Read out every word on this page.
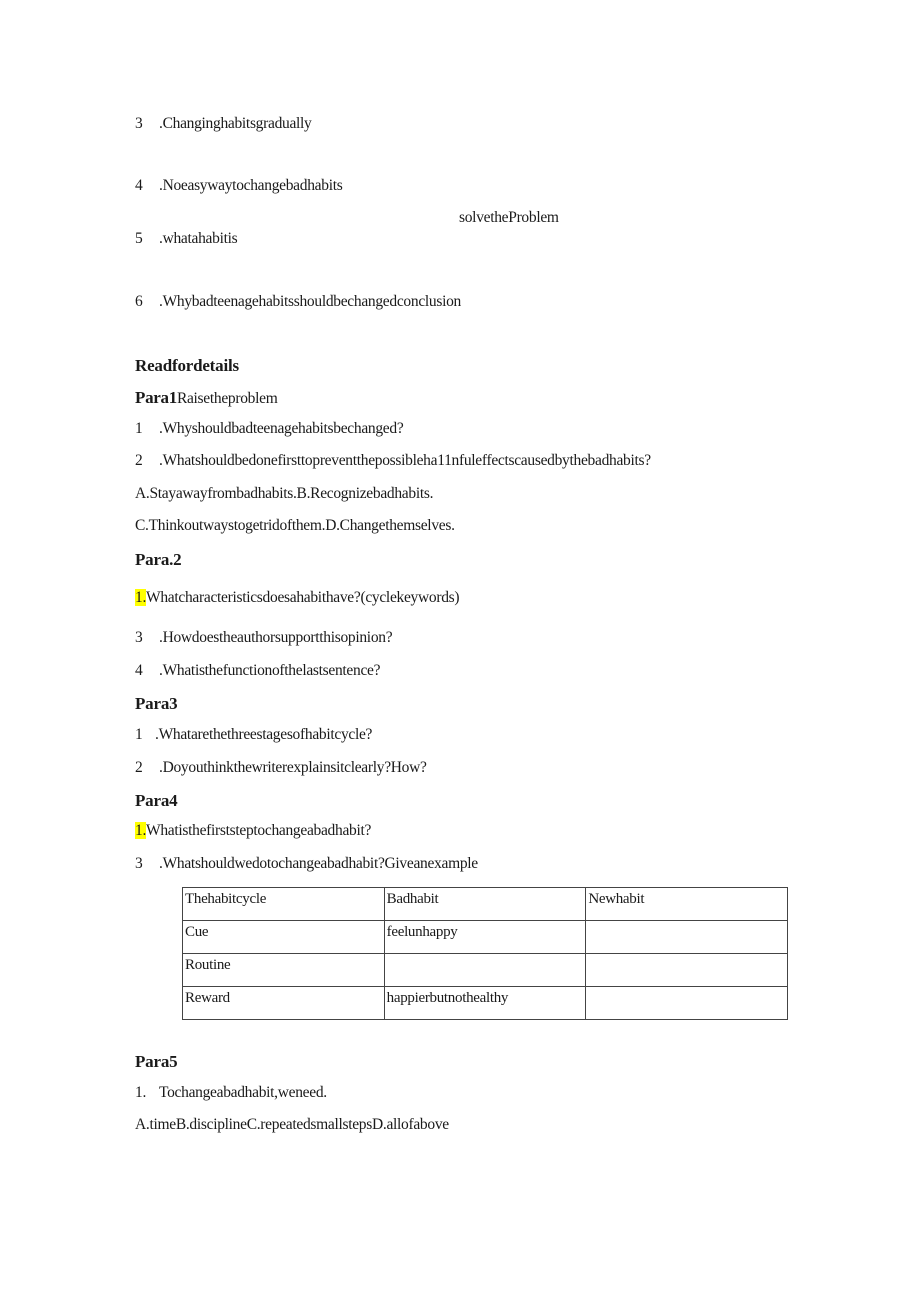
3 .Changinghabitsgradually
4 .Noeasywaytochangebadhabits
solvetheProblem
5 .whatahabitis
6 .Whybadteenagehabitsshouldbechangedconclusion
Readfordetails
Para1Raisetheproblem
1 .Whyshouldbadteenagehabitsbechanged?
2 .Whatshouldbedonefirsttopreventthepossibleha11nfuleffectscausedbythebadhabits?
A.Stayawayfrombadhabits.B.Recognizebadhabits.
C.Thinkoutwaystogetridofthem.D.Changethemselves.
Para.2
1.Whatcharacteristicsdoesahabithave?(cyclekeywords)
3 .Howdoestheauthorsupportthisopinion?
4 .Whatisthefunctionofthelastsentence?
Para3
1 .Whatarethethreestagesofhabitcycle?
2 .Doyouthinkthewriterexplainsitclearly?How?
Para4
1.Whatisthefirststeptochangeabadhabit?
3 .Whatshouldwedotochangeabadhabit?Giveanexample
Thehabitcycle	Badhabit	Newhabit
Cue	feelunhappy	
Routine		
Reward	happierbutnothealthy	
Para5
1. Tochangeabadhabit,weneed.
A.timeB.disciplineC.repeatedsmallstepsD.allofabove
